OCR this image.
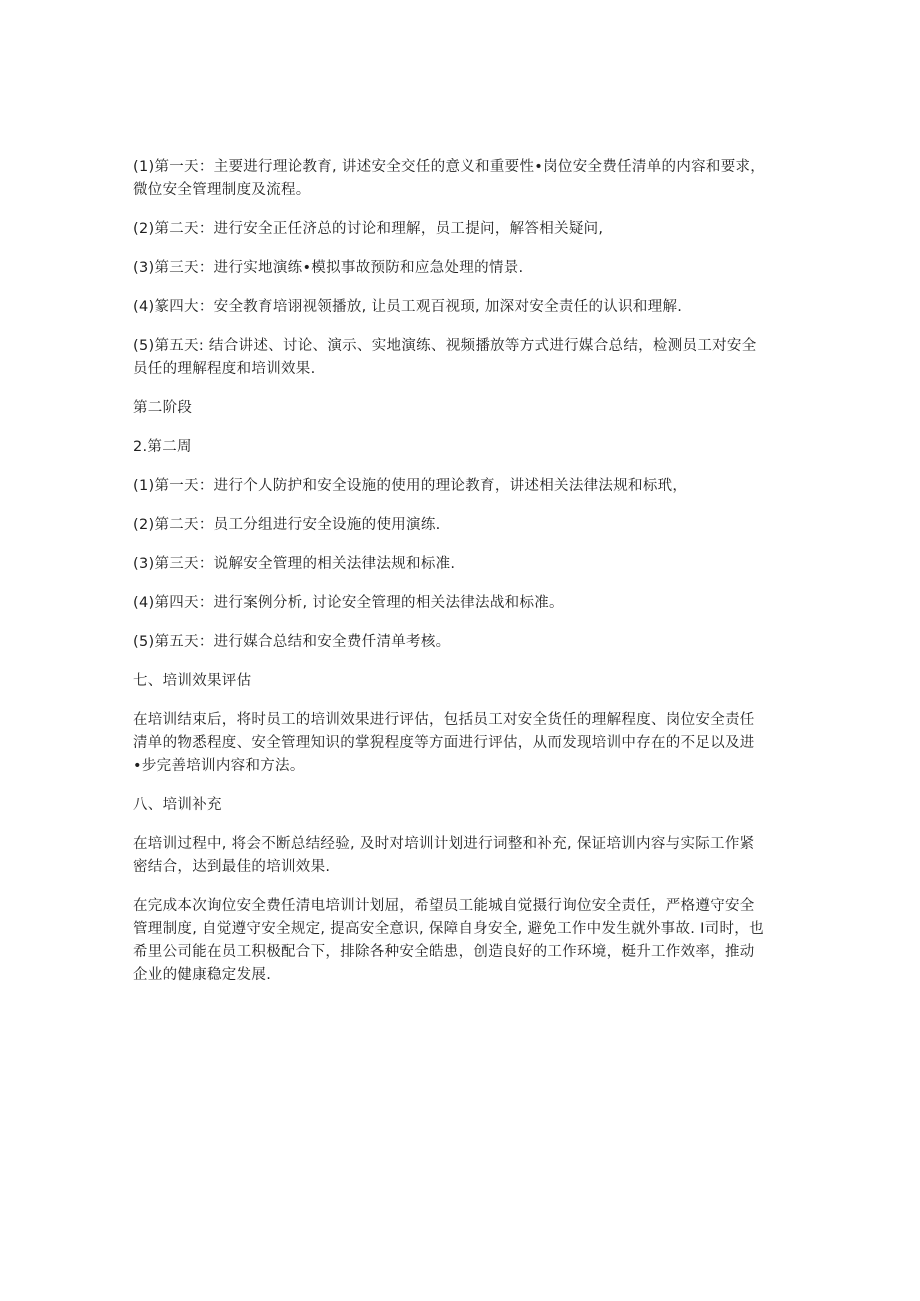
(1)第一天：主要进行理论教育, 讲述安全交任的意义和重要性•岗位安全费任清单的内容和要求，
微位安全管理制度及流程。

(2)第二天：进行安全正任济总的讨论和理解，员工提问，解答相关疑问,

(3)第三天：进行实地演练•模拟事故预防和应急处理的情景.

(4)篆四大：安全教育培诩视领播放, 让员工观百视顼, 加深对安全责任的认识和理解.

(5)第五天: 结合讲述、讨论、演示、实地演练、视频播放等方式进行媒合总结，检测员工对安全
员任的理解程度和培训效果.

第二阶段

2.第二周

(1)第一天：进行个人防护和安全设施的使用的理论教育，讲述相关法律法规和标玳，

(2)第二天：员工分组进行安全设施的使用演练.

(3)第三天：说解安全管理的相关法律法规和标准.

(4)第四天：进行案例分析, 讨论安全管理的相关法律法战和标准。

(5)第五天：进行媒合总结和安全费仟清单考核。

七、培训效果评估

在培训结束后，将时员工的培训效果进行评估，包括员工对安全货任的理解程度、岗位安全责任
清单的物悉程度、安全管理知识的掌猊程度等方面进行评估，从而发现培训中存在的不足以及进
•步完善培训内容和方法。

八、培训补充

在培训过程中, 将会不断总结经验, 及时对培训计划进行词整和补充, 保证培训内容与实际工作紧
密结合，达到最佳的培训效果.

在完成本次询位安全费任清电培训计划屈，希望员工能城自觉摄行询位安全责任，严格遵守安全
管理制度, 自觉遵守安全规定, 提高安全意识, 保障自身安全, 避免工作中发生就外事故. I司时，也
希里公司能在员工积极配合下，排除各种安全皓患，创造良好的工作环境，梃升工作效率，推动
企业的健康稳定发展.
